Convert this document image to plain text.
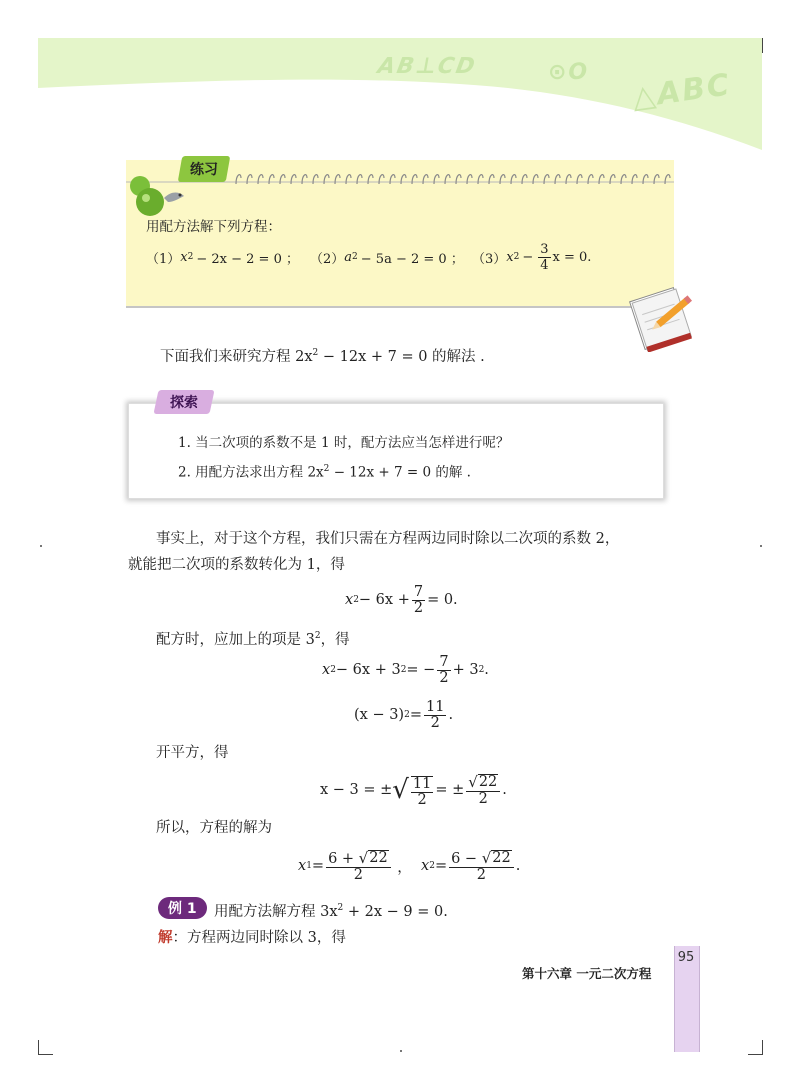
AB⊥CD	⊙O △ABC
练习
用配方法解下列方程：
（1） x 2 − 2x − 2 = 0 ； （2） a 2 − 5a − 2 = 0 ； （3） x $2 - \frac{3}{4}$ x = 0.
下面我们来研究方程 $2x^2 - 12x + 7 = 0$ 的解法 .
探索
1. 当二次项的系数不是 1 时，配方法应当怎样进行呢？
2. 用配方法求出方程 $2x^2 - 12x + 7 = 0$ 的解 .
事实上，对于这个方程，我们只需在方程两边同时除以二次项的系数 2，
就能把二次项的系数转化为 1，得
x $2 - 6x + \frac{7}{2} = 0$.
配方时，应加上的项是 $3^2$，得
x 2 − 6x + 3 2 = − $\frac{7}{2} + 3$ 2 .
(x − 3) $2 = \frac{11}{2}$ .
开平方，得
x − 3 = ± √ $\frac{11}{2}$ = ± $\frac{√ 22}{2}$ .
所以，方程的解为
x $1 = \frac{6 + √ 22}{2}$ ， x $2 = \frac{6 - √ 22}{2}$ .
例 1	用配方法解方程 $3x^2 + 2x - 9 = 0$.
解：方程两边同时除以 3，得
95
第十六章 一元二次方程
